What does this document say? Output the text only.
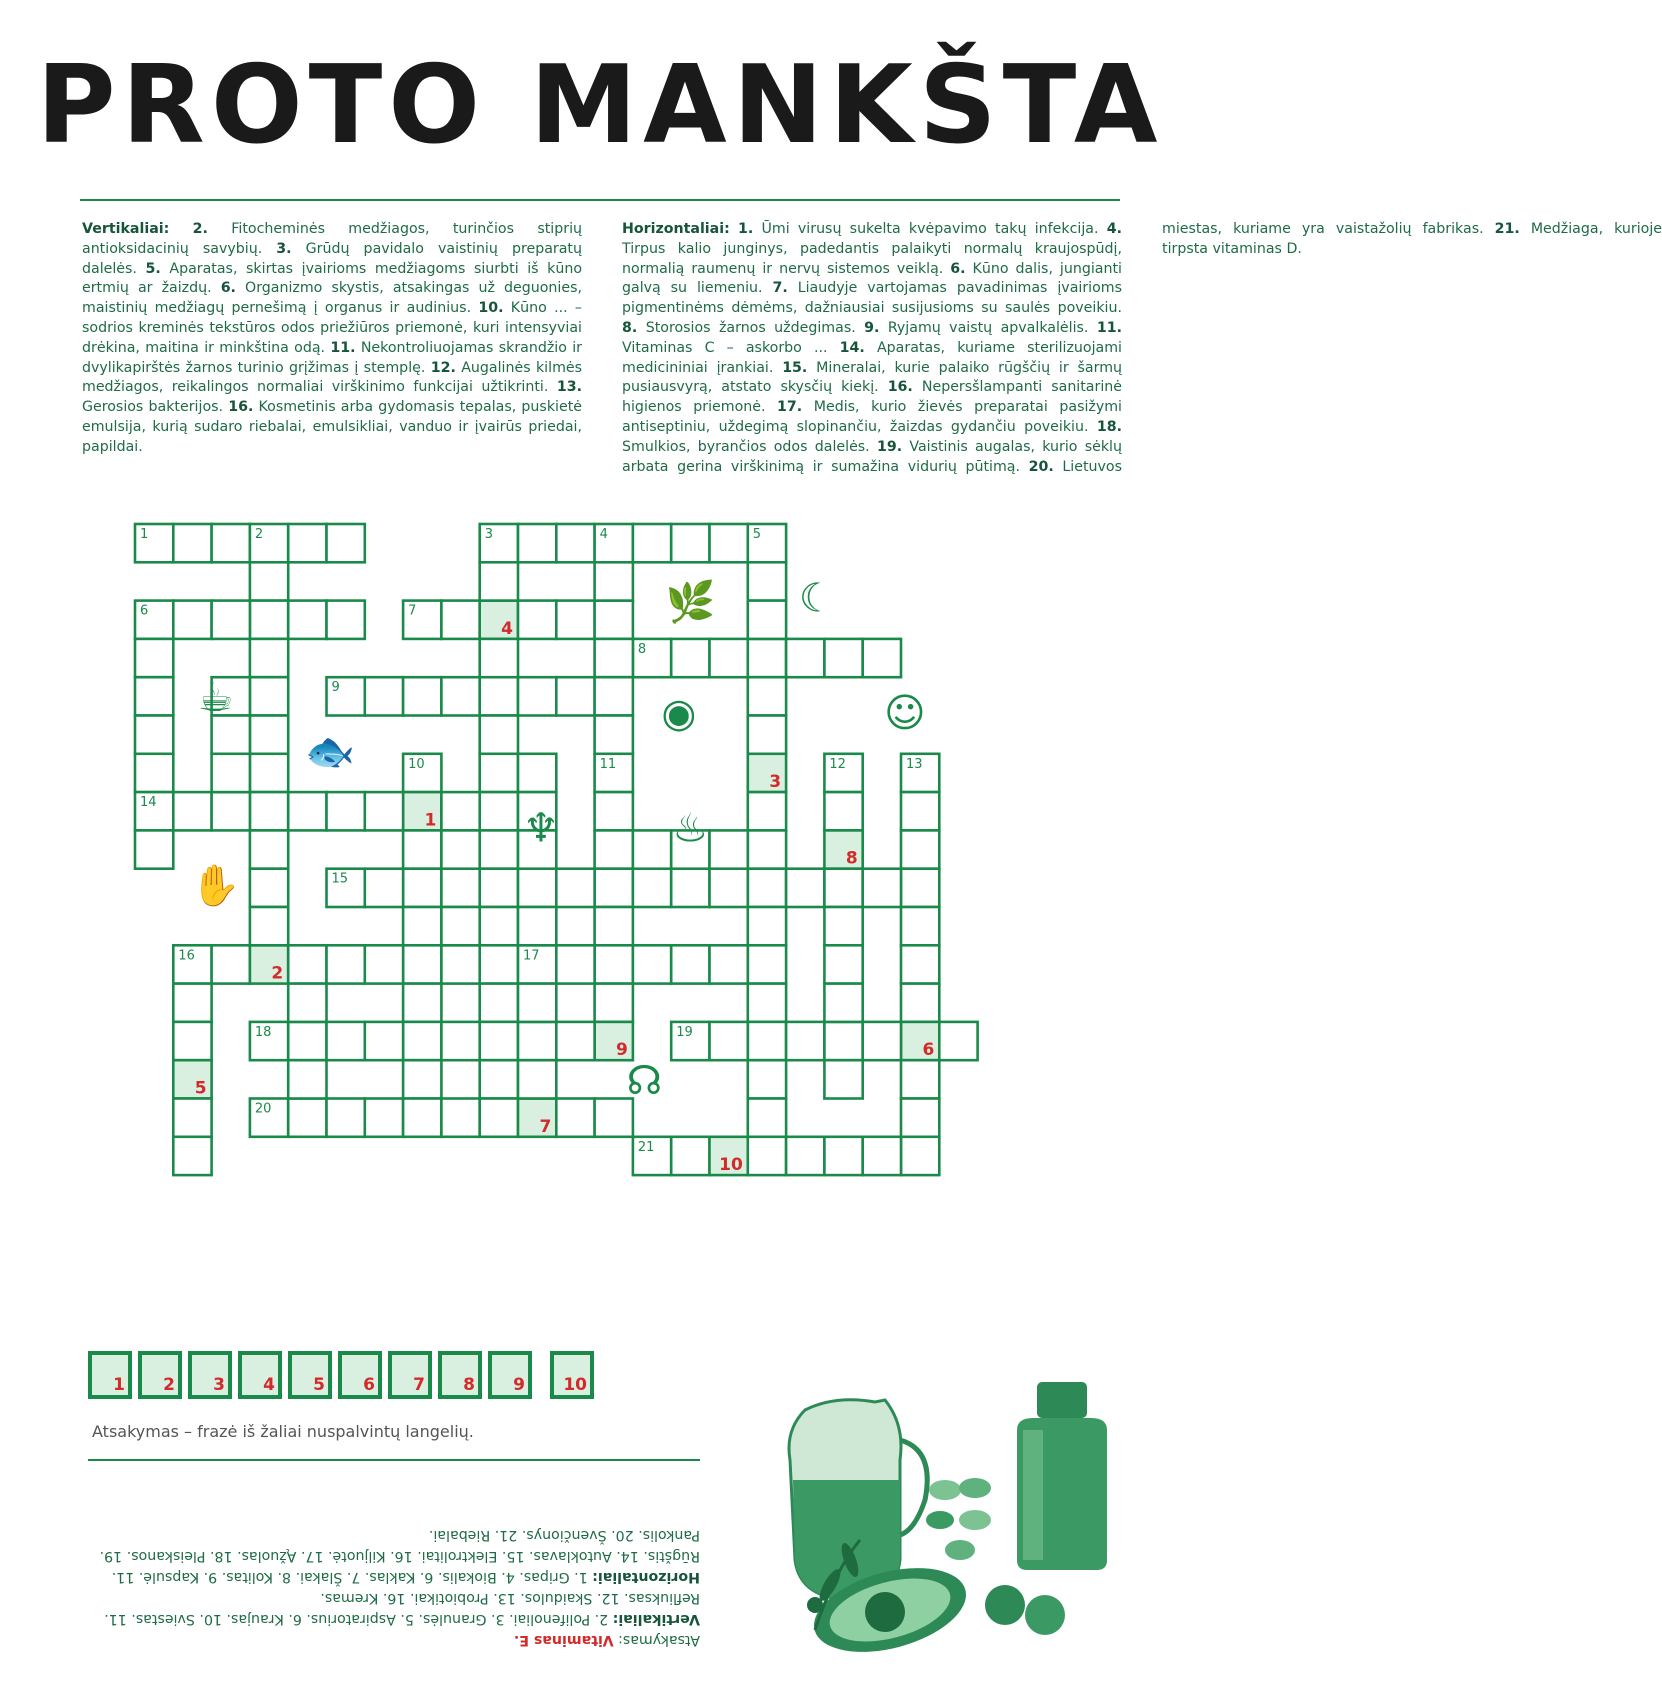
PROTO MANKŠTA

Vertikaliai: 2. Fitocheminės medžiagos, turinčios stiprių antioksidacinių savybių. 3. Grūdų pavidalo vaistinių preparatų dalelės. 5. Aparatas, skirtas įvairioms medžiagoms siurbti iš kūno ertmių ar žaizdų. 6. Organizmo skystis, atsakingas už deguonies, maistinių medžiagų pernešimą į organus ir audinius. 10. Kūno ... – sodrios kreminės tekstūros odos priežiūros priemonė, kuri intensyviai drėkina, maitina ir minkština odą. 11. Nekontroliuojamas skrandžio ir dvylikapirštės žarnos turinio grįžimas į stemplę. 12. Augalinės kilmės medžiagos, reikalingos normaliai virškinimo funkcijai užtikrinti. 13. Gerosios bakterijos. 16. Kosmetinis arba gydomasis tepalas, puskietė emulsija, kurią sudaro riebalai, emulsikliai, vanduo ir įvairūs priedai, papildai.

Horizontaliai: 1. Ūmi virusų sukelta kvėpavimo takų infekcija. 4. Tirpus kalio junginys, padedantis palaikyti normalų kraujospūdį, normalią raumenų ir nervų sistemos veiklą. 6. Kūno dalis, jungianti galvą su liemeniu. 7. Liaudyje vartojamas pavadinimas įvairioms pigmentinėms dėmėms, dažniausiai susijusioms su saulės poveikiu. 8. Storosios žarnos uždegimas. 9. Ryjamų vaistų apvalkalėlis. 11. Vitaminas C – askorbo ... 14. Aparatas, kuriame sterilizuojami medicininiai įrankiai. 15. Mineralai, kurie palaiko rūgščių ir šarmų pusiausvyrą, atstato skysčių kiekį. 16. Nepersšlampanti sanitarinė higienos priemonė. 17. Medis, kurio žievės preparatai pasižymi antiseptiniu, uždegimą slopinančiu, žaizdas gydančiu poveikiu. 18. Smulkios, byrančios odos dalelės. 19. Vaistinis augalas, kurio sėklų arbata gerina virškinimą ir sumažina vidurių pūtimą. 20. Lietuvos miestas, kuriame yra vaistažolių fabrikas. 21. Medžiaga, kurioje tirpsta vitaminas D.

1	2	3	4	5
6	7
4
8
9
14
10
1
11
9
3
13
6
15
16
2
17
5
18	19
20
7
21
10
12
8
🌿 ☾
☕	◉	☺
🐟
♆	♨
✋
☊
1 2 3 4 5 6 7 8 9 10
Atsakymas – frazė iš žaliai nuspalvintų langelių.

Atsakymas: Vitaminas E.

Vertikaliai: 2. Polifenoliai. 3. Granulės. 5. Aspiratorius. 6. Kraujas. 10. Sviestas. 11. Refliuksas. 12. Skaidulos. 13. Probiotikai. 16. Kremas.

Horizontaliai: 1. Gripas. 4. Biokalis. 6. Kaklas. 7. Šlakai. 8. Kolitas. 9. Kapsulė. 11. Rūgštis. 14. Autoklavas. 15. Elektrolitai. 16. Kiljuotė. 17. Ąžuolas. 18. Pleiskanos. 19. Pankolis. 20. Švenčionys. 21. Riebalai.
